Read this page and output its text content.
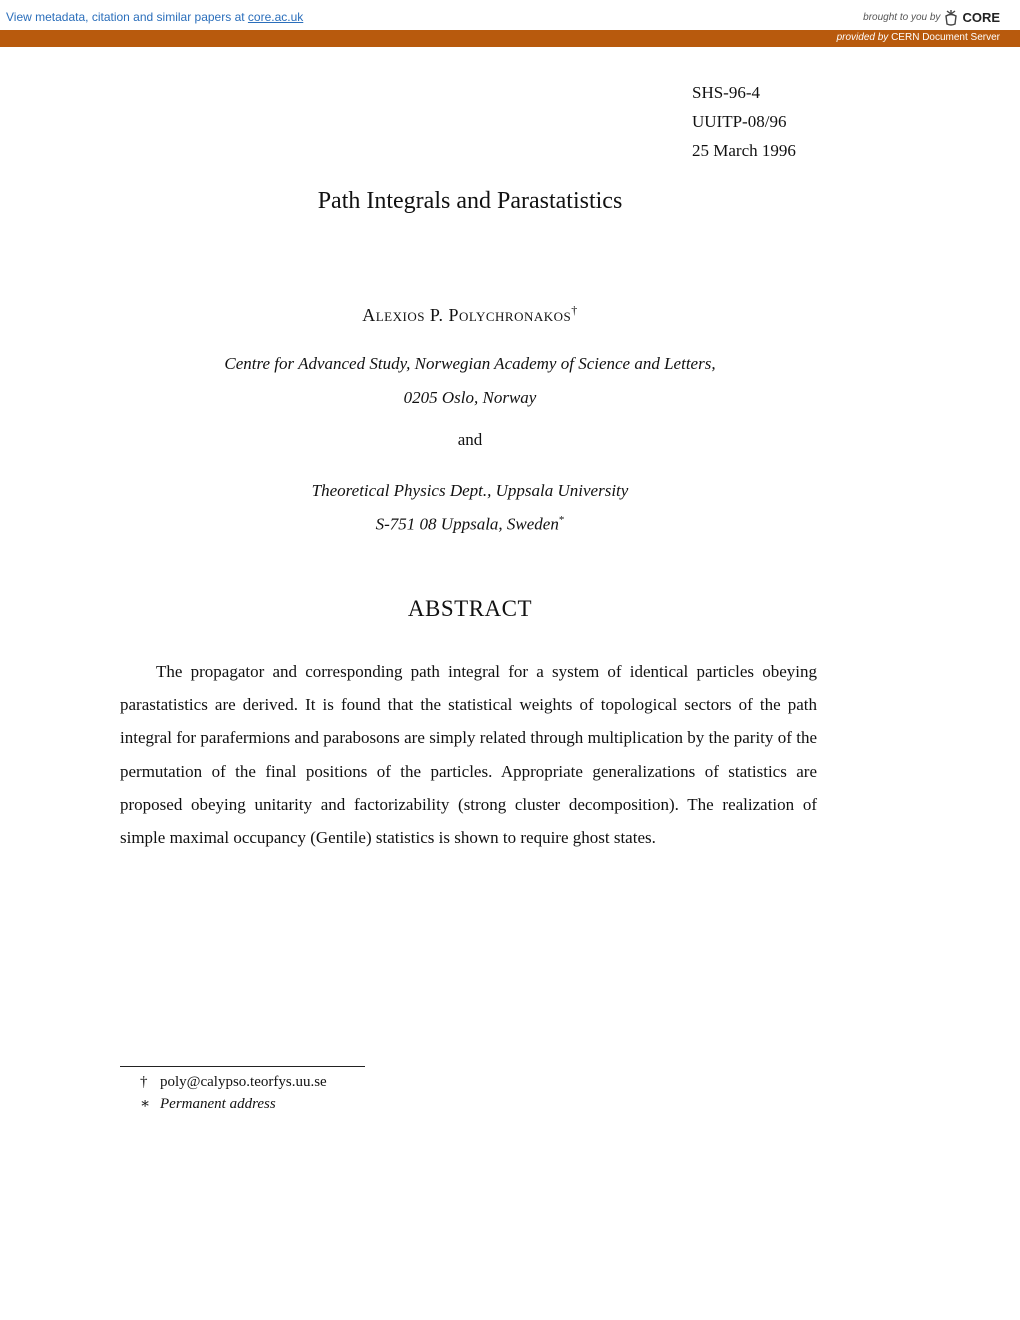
View metadata, citation and similar papers at core.ac.uk	brought to you by CORE
provided by CERN Document Server
SHS-96-4
UUITP-08/96
25 March 1996
Path Integrals and Parastatistics
Alexios P. Polychronakos†
Centre for Advanced Study, Norwegian Academy of Science and Letters,
0205 Oslo, Norway
and
Theoretical Physics Dept., Uppsala University
S-751 08 Uppsala, Sweden*
ABSTRACT
The propagator and corresponding path integral for a system of identical particles obeying parastatistics are derived. It is found that the statistical weights of topological sectors of the path integral for parafermions and parabosons are simply related through multiplication by the parity of the permutation of the final positions of the particles. Appropriate generalizations of statistics are proposed obeying unitarity and factorizability (strong cluster decomposition). The realization of simple maximal occupancy (Gentile) statistics is shown to require ghost states.
† poly@calypso.teorfys.uu.se
∗ Permanent address
